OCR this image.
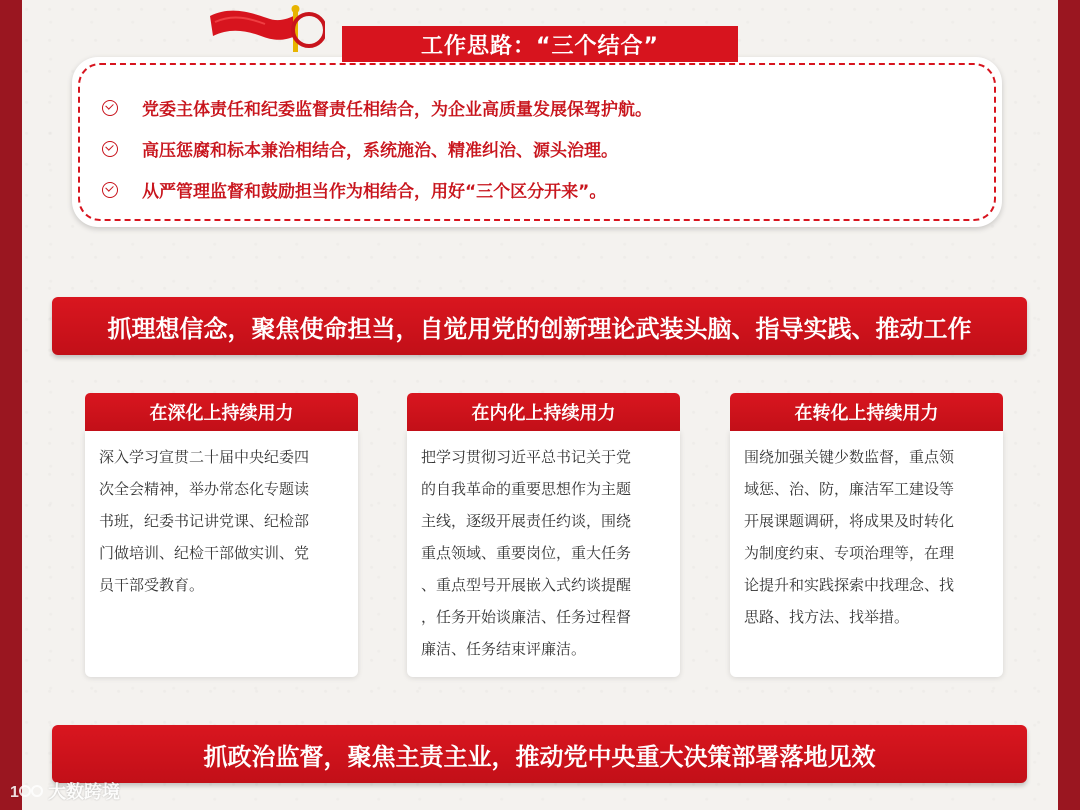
工作思路：“三个结合”
党委主体责任和纪委监督责任相结合，为企业高质量发展保驾护航。
高压惩腐和标本兼治相结合，系统施治、精准纠治、源头治理。
从严管理监督和鼓励担当作为相结合，用好“三个区分开来”。
抓理想信念，聚焦使命担当，自觉用党的创新理论武装头脑、指导实践、推动工作
在深化上持续用力
深入学习宣贯二十届中央纪委四
次全会精神，举办常态化专题读
书班，纪委书记讲党课、纪检部
门做培训、纪检干部做实训、党
员干部受教育。
在内化上持续用力
把学习贯彻习近平总书记关于党
的自我革命的重要思想作为主题
主线，逐级开展责任约谈，围绕
重点领域、重要岗位，重大任务
、重点型号开展嵌入式约谈提醒
，任务开始谈廉洁、任务过程督
廉洁、任务结束评廉洁。
在转化上持续用力
围绕加强关键少数监督，重点领
域惩、治、防，廉洁军工建设等
开展课题调研，将成果及时转化
为制度约束、专项治理等，在理
论提升和实践探索中找理念、找
思路、找方法、找举措。
抓政治监督，聚焦主责主业，推动党中央重大决策部署落地见效
1 大数跨境
